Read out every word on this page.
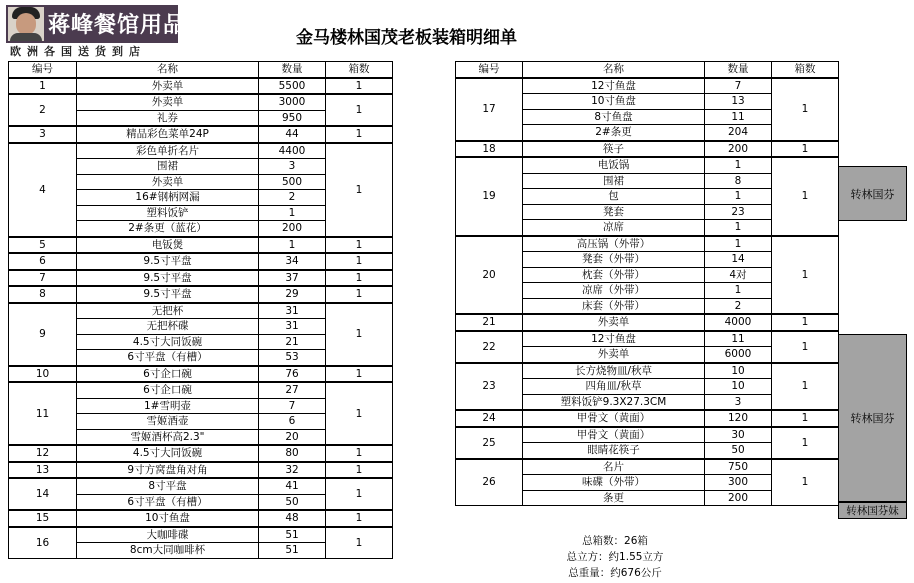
蒋峰餐馆用品
欧洲各国送货到店
金马楼林国茂老板装箱明细单
编号	名称	数量	箱数
1	外卖单	5500	1
2	外卖单	3000	1
	礼券	950	
3	精品彩色菜单24P	44	1
4	彩色单折名片	4400	1
	围裙	3	
	外卖单	500	
	16#钢柄网漏	2	
	塑料饭铲	1	
	2#条更（蓝花）	200	
5	电钣煲	1	1
6	9.5寸平盘	34	1
7	9.5寸平盘	37	1
8	9.5寸平盘	29	1
9	无把杯	31	1
	无把杯碟	31	
	4.5寸大同饭碗	21	
	6寸平盘（有槽）	53	
10	6寸企口碗	76	1
11	6寸企口碗	27	1
	1#雪明壶	7	
	雪姬酒壶	6	
	雪姬酒杯高2.3"	20	
12	4.5寸大同饭碗	80	1
13	9寸方窝盘角对角	32	1
14	8寸平盘	41	1
	6寸平盘（有槽）	50	
15	10寸鱼盘	48	1
16	大咖啡碟	51	1
	8cm大同咖啡杯	51	
编号	名称	数量	箱数
17	12寸鱼盘	7	1
	10寸鱼盘	13	
	8寸鱼盘	11	
	2#条更	204	
18	筷子	200	1
19	电饭锅	1	1
	围裙	8	
	包	1	
	凳套	23	
	凉席	1	
20	高压锅（外带）	1	1
	凳套（外带）	14	
	枕套（外带）	4对	
	凉席（外带）	1	
	床套（外带）	2	
21	外卖单	4000	1
22	12寸鱼盘	11	1
	外卖单	6000	
23	长方烧物皿/秋草	10	1
	四角皿/秋草	10	
	塑料饭铲9.3X27.3CM	3	
24	甲骨文（黄面）	120	1
25	甲骨文（黄面）	30	1
	眼睛花筷子	50	
26	名片	750	1
	味碟（外带）	300	
	条更	200	
转林国芬
转林国芬
转林国芬妹
总箱数：26箱
总立方：约1.55立方
总重量：约676公斤
